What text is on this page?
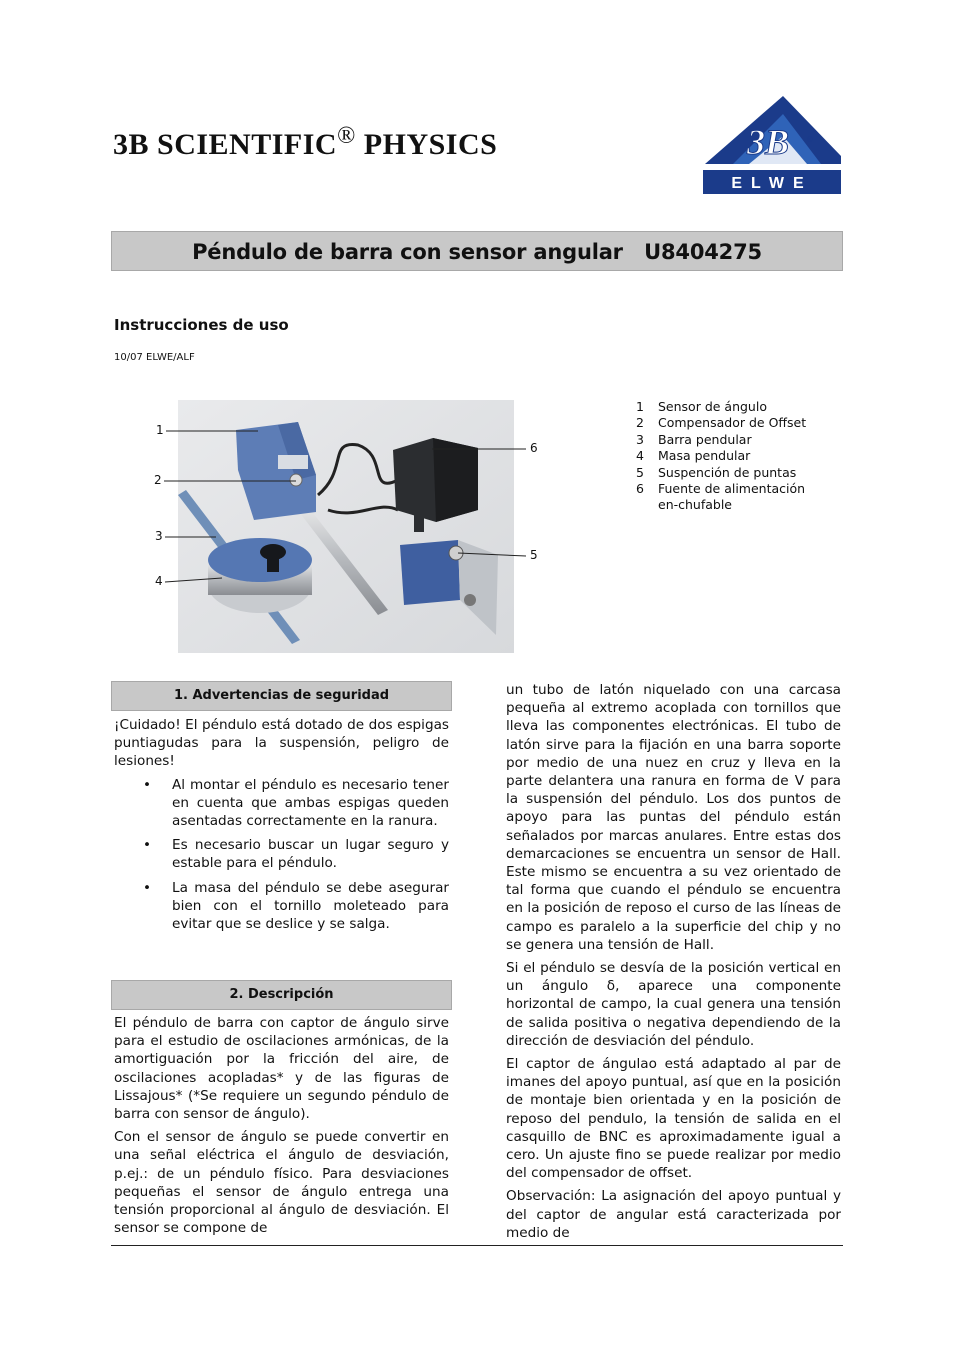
3B SCIENTIFIC® PHYSICS	3B ®
ELWE
Péndulo de barra con sensor angular   U8404275
Instrucciones de uso
10/07 ELWE/ALF
1
2
3
4
5
6
1	Sensor de ángulo
2	Compensador de Offset
3	Barra pendular
4	Masa pendular
5	Suspención de puntas
6	Fuente de alimentación en-chufable
1. Advertencias de seguridad

¡Cuidado! El péndulo está dotado de dos espigas puntiagudas para la suspensión, peligro de lesiones!

• Al montar el péndulo es necesario tener en cuenta que ambas espigas queden asentadas correctamente en la ranura.
• Es necesario buscar un lugar seguro y estable para el péndulo.
• La masa del péndulo se debe asegurar bien con el tornillo moleteado para evitar que se deslice y se salga.
2. Descripción

El péndulo de barra con captor de ángulo sirve para el estudio de oscilaciones armónicas, de la amortiguación por la fricción del aire, de oscilaciones acopladas* y de las figuras de Lissajous* (*Se requiere un segundo péndulo de barra con sensor de ángulo).

Con el sensor de ángulo se puede convertir en una señal eléctrica el ángulo de desviación, p.ej.: de un péndulo físico. Para desviaciones pequeñas el sensor de ángulo entrega una tensión proporcional al ángulo de desviación. El sensor se compone de

un tubo de latón niquelado con una carcasa pequeña al extremo acoplada con tornillos que lleva las componentes electrónicas. El tubo de latón sirve para la fijación en una barra soporte por medio de una nuez en cruz y lleva en la parte delantera una ranura en forma de V para la suspensión del péndulo. Los dos puntos de apoyo para las puntas del péndulo están señalados por marcas anulares. Entre estas dos demarcaciones se encuentra un sensor de Hall. Este mismo se encuentra a su vez orientado de tal forma que cuando el péndulo se encuentra en la posición de reposo el curso de las líneas de campo es paralelo a la superficie del chip y no se genera una tensión de Hall.

Si el péndulo se desvía de la posición vertical en un ángulo δ, aparece una componente horizontal de campo, la cual genera una tensión de salida positiva o negativa dependiendo de la dirección de desviación del péndulo.

El captor de ángulao está adaptado al par de imanes del apoyo puntual, así que en la posición de montaje bien orientada y en la posición de reposo del pendulo, la tensión de salida en el casquillo de BNC es aproximadamente igual a cero. Un ajuste fino se puede realizar por medio del compensador de offset.

Observación: La asignación del apoyo puntual y del captor de angular está caracterizada por medio de
